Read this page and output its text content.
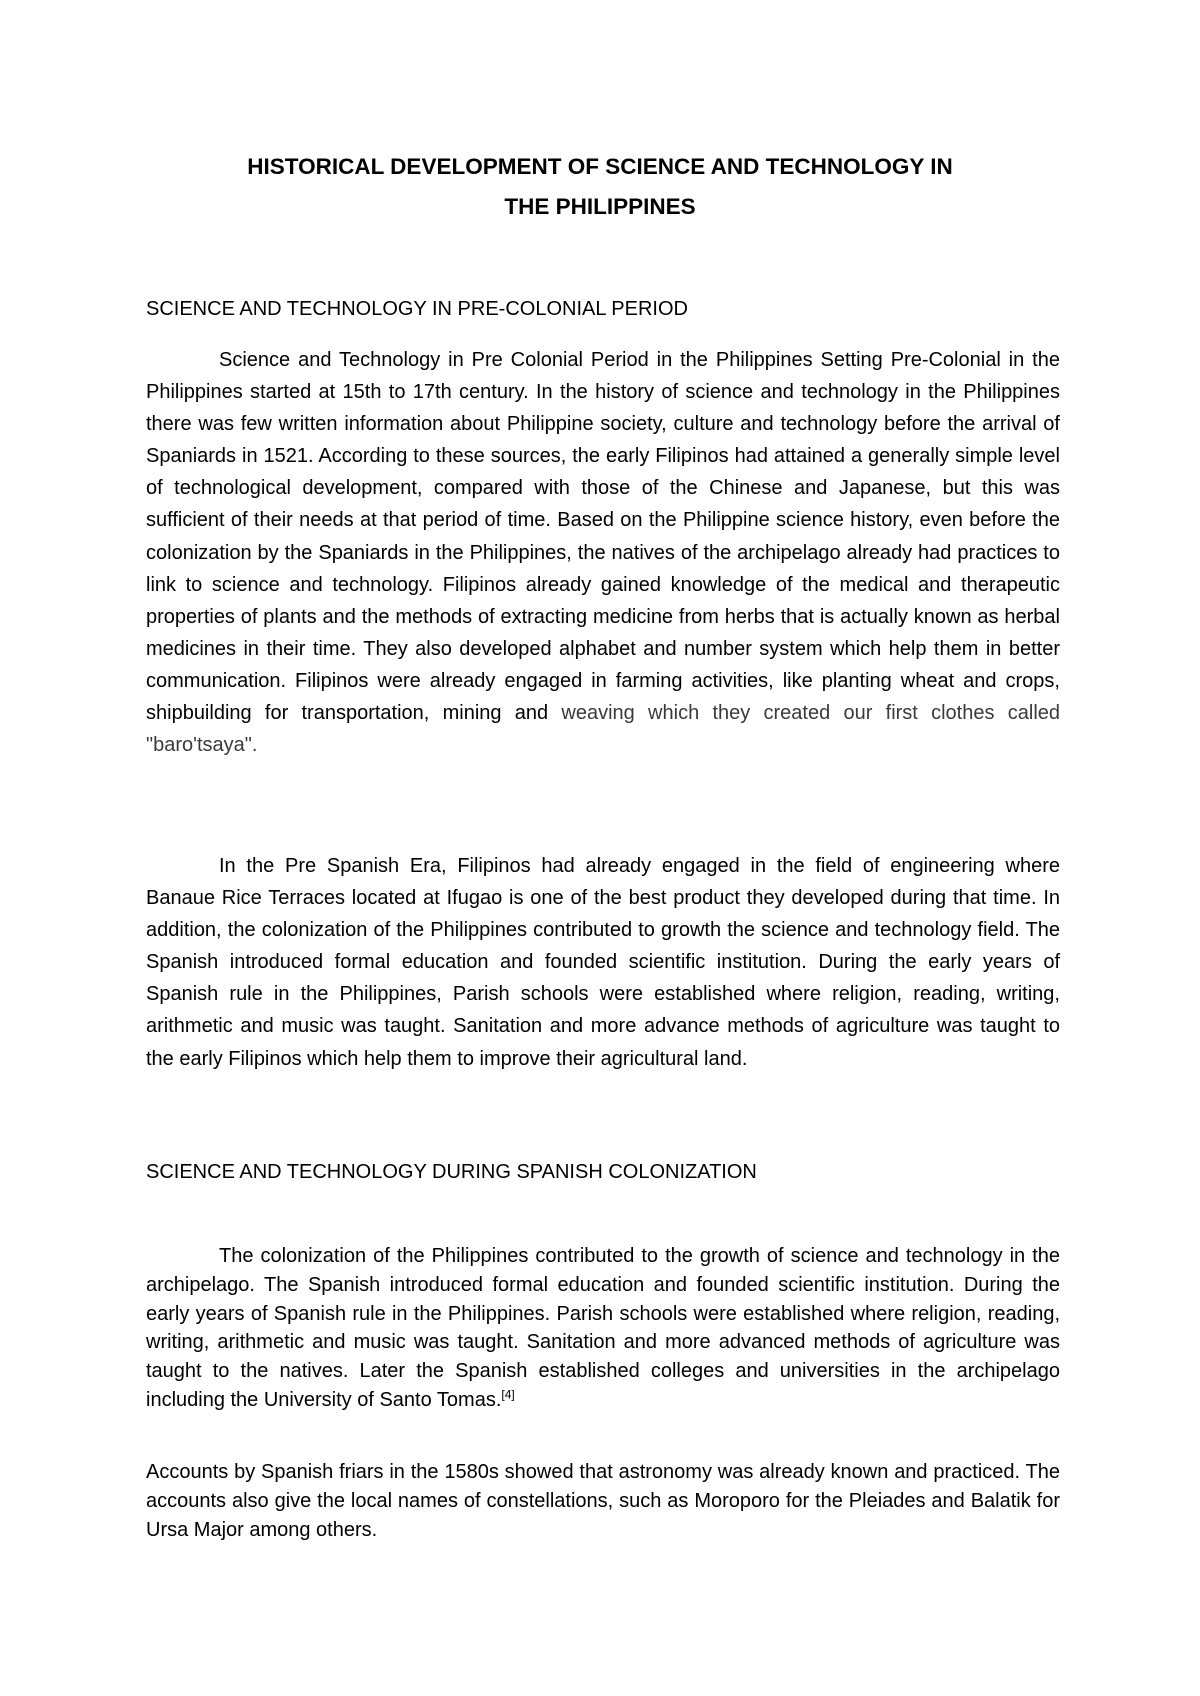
HISTORICAL DEVELOPMENT OF SCIENCE AND TECHNOLOGY IN
THE PHILIPPINES
SCIENCE AND TECHNOLOGY IN PRE-COLONIAL PERIOD
Science and Technology in Pre Colonial Period in the Philippines Setting Pre-Colonial in the Philippines started at 15th to 17th century. In the history of science and technology in the Philippines there was few written information about Philippine society, culture and technology before the arrival of Spaniards in 1521. According to these sources, the early Filipinos had attained a generally simple level of technological development, compared with those of the Chinese and Japanese, but this was sufficient of their needs at that period of time. Based on the Philippine science history, even before the colonization by the Spaniards in the Philippines, the natives of the archipelago already had practices to link to science and technology. Filipinos already gained knowledge of the medical and therapeutic properties of plants and the methods of extracting medicine from herbs that is actually known as herbal medicines in their time. They also developed alphabet and number system which help them in better communication. Filipinos were already engaged in farming activities, like planting wheat and crops, shipbuilding for transportation, mining and weaving which they created our first clothes called "baro'tsaya".
In the Pre Spanish Era, Filipinos had already engaged in the field of engineering where Banaue Rice Terraces located at Ifugao is one of the best product they developed during that time. In addition, the colonization of the Philippines contributed to growth the science and technology field. The Spanish introduced formal education and founded scientific institution. During the early years of Spanish rule in the Philippines, Parish schools were established where religion, reading, writing, arithmetic and music was taught. Sanitation and more advance methods of agriculture was taught to the early Filipinos which help them to improve their agricultural land.
SCIENCE AND TECHNOLOGY DURING SPANISH COLONIZATION
The colonization of the Philippines contributed to the growth of science and technology in the archipelago. The Spanish introduced formal education and founded scientific institution. During the early years of Spanish rule in the Philippines. Parish schools were established where religion, reading, writing, arithmetic and music was taught. Sanitation and more advanced methods of agriculture was taught to the natives. Later the Spanish established colleges and universities in the archipelago including the University of Santo Tomas.[4]
Accounts by Spanish friars in the 1580s showed that astronomy was already known and practiced. The accounts also give the local names of constellations, such as Moroporo for the Pleiades and Balatik for Ursa Major among others.
